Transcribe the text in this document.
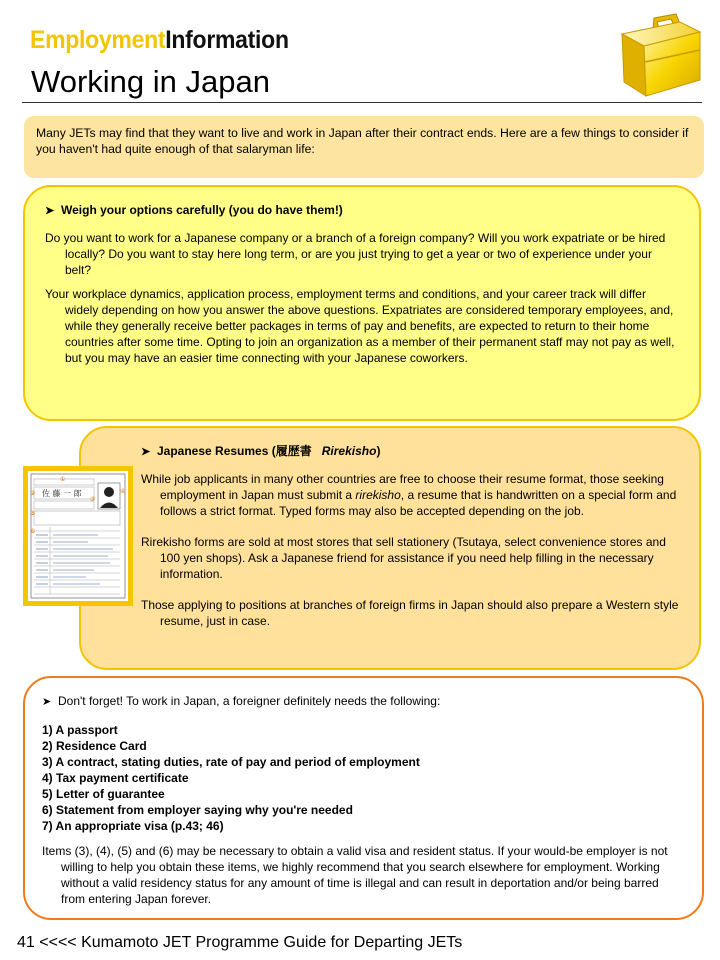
EmploymentInformation
Working in Japan
Many JETs may find that they want to live and work in Japan after their contract ends. Here are a few things to consider if you haven't had quite enough of that salaryman life:
➤ Weigh your options carefully (you do have them!)
Do you want to work for a Japanese company or a branch of a foreign company? Will you work expatriate or be hired locally? Do you want to stay here long term, or are you just trying to get a year or two of experience under your belt?
Your workplace dynamics, application process, employment terms and conditions, and your career track will differ widely depending on how you answer the above questions. Expatriates are considered temporary employees, and, while they generally receive better packages in terms of pay and benefits, are expected to return to their home countries after some time. Opting to join an organization as a member of their permanent staff may not pay as well, but you may have an easier time connecting with your Japanese coworkers.
➤ Japanese Resumes (履歴書 Rirekisho)
While job applicants in many other countries are free to choose their resume format, those seeking employment in Japan must submit a rirekisho, a resume that is handwritten on a special form and follows a strict format. Typed forms may also be accepted depending on the job.
Rirekisho forms are sold at most stores that sell stationery (Tsutaya, select convenience stores and 100 yen shops). Ask a Japanese friend for assistance if you need help filling in the necessary information.
Those applying to positions at branches of foreign firms in Japan should also prepare a Western style resume, just in case.
佐 藤 一 郎
①
②
③
④
⑤
⑥
➤ Don't forget! To work in Japan, a foreigner definitely needs the following:
1) A passport
2) Residence Card
3) A contract, stating duties, rate of pay and period of employment
4) Tax payment certificate
5) Letter of guarantee
6) Statement from employer saying why you're needed
7) An appropriate visa (p.43; 46)
Items (3), (4), (5) and (6) may be necessary to obtain a valid visa and resident status. If your would-be employer is not willing to help you obtain these items, we highly recommend that you search elsewhere for employment. Working without a valid residency status for any amount of time is illegal and can result in deportation and/or being barred from entering Japan forever.
41 <<<< Kumamoto JET Programme Guide for Departing JETs
